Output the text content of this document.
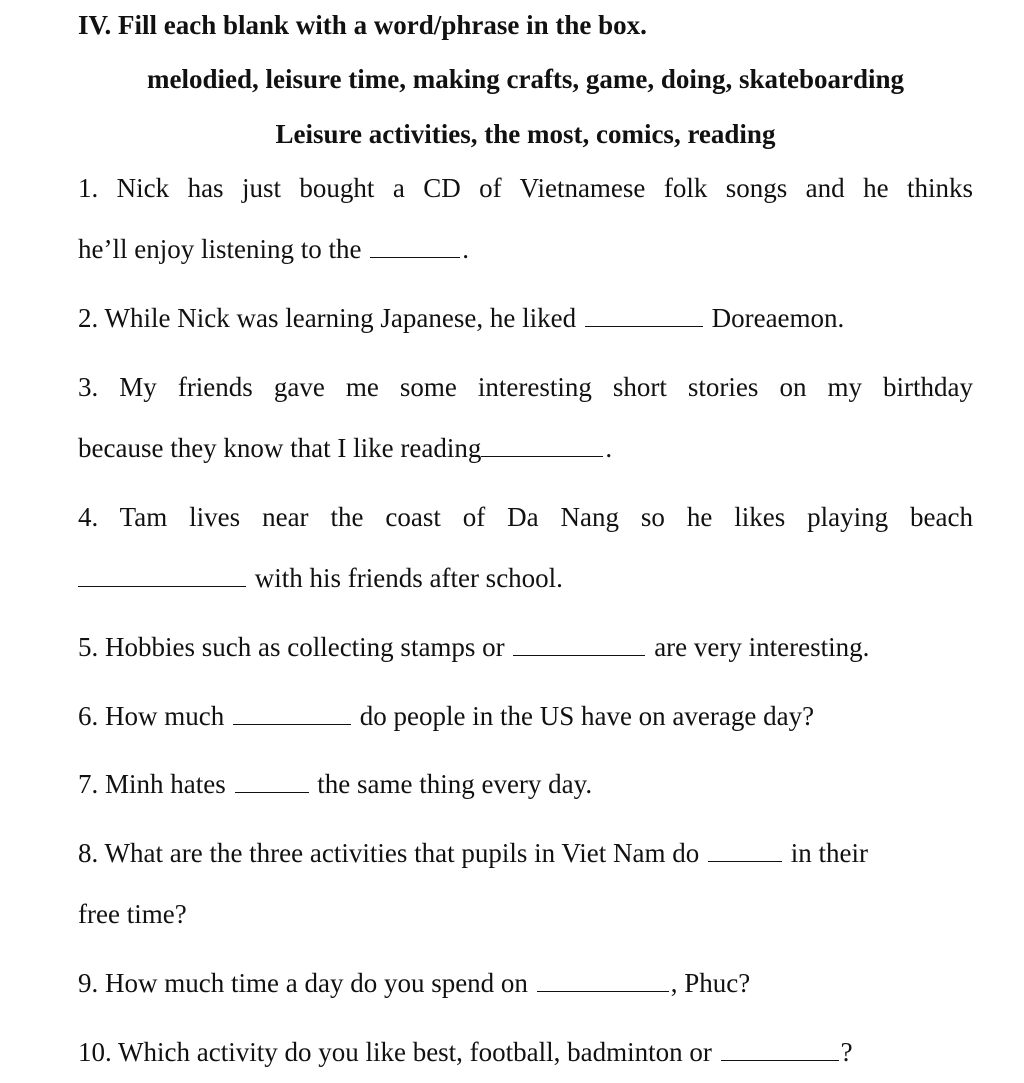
IV. Fill each blank with a word/phrase in the box.
melodied, leisure time, making crafts, game, doing, skateboarding
Leisure activities, the most, comics, reading
1. Nick has just bought a CD of Vietnamese folk songs and he thinks
he’ll enjoy listening to the	.
2. While Nick was learning Japanese, he liked	Doreaemon.
3. My friends gave me some interesting short stories on my birthday
because they know that I like reading	.
4. Tam lives near the coast of Da Nang so he likes playing beach
with his friends after school.
5. Hobbies such as collecting stamps or	are very interesting.
6. How much	do people in the US have on average day?
7. Minh hates	the same thing every day.
8. What are the three activities that pupils in Viet Nam do	in their
free time?
9. How much time a day do you spend on	, Phuc?
10. Which activity do you like best, football, badminton or	?
